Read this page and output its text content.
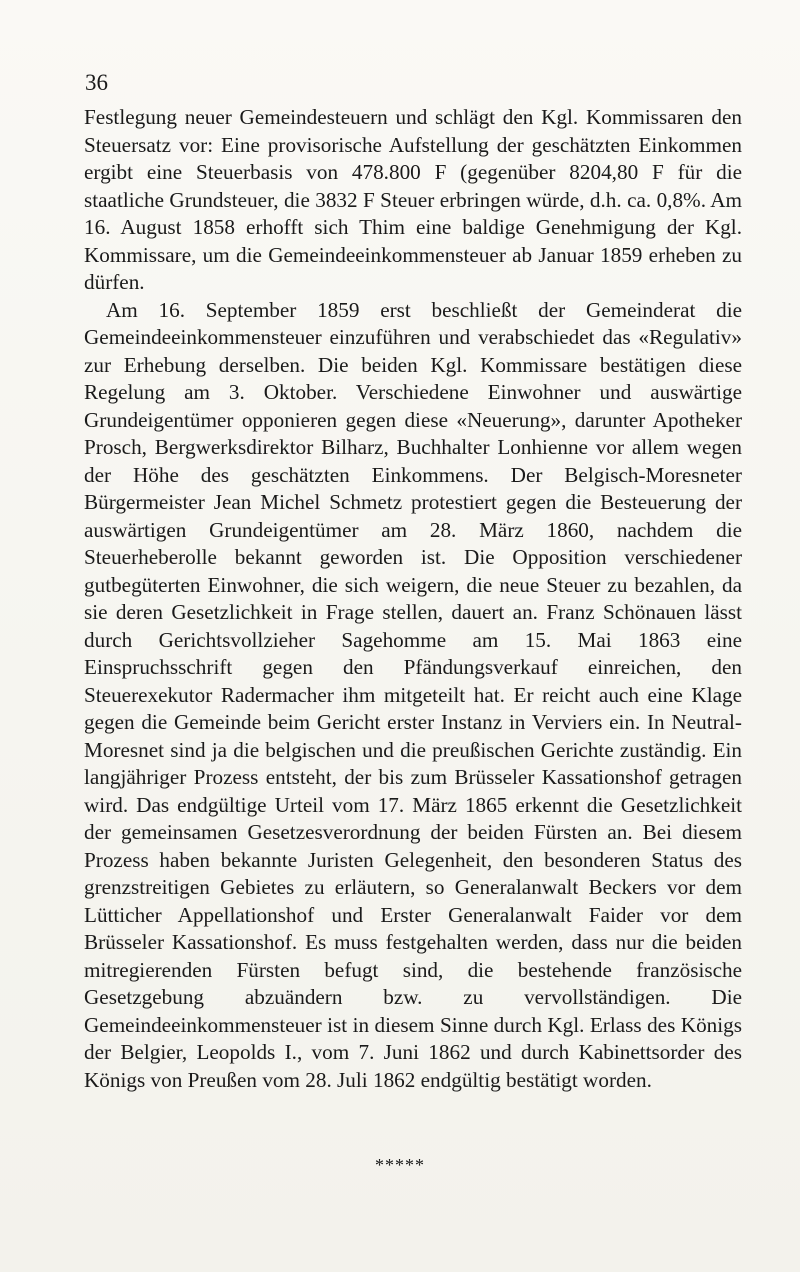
36

Festlegung neuer Gemeindesteuern und schlägt den Kgl. Kommissaren den Steuersatz vor: Eine provisorische Aufstellung der geschätzten Einkommen ergibt eine Steuerbasis von 478.800 F (gegenüber 8204,80 F für die staatliche Grundsteuer, die 3832 F Steuer erbringen würde, d.h. ca. 0,8%. Am 16. August 1858 erhofft sich Thim eine baldige Genehmigung der Kgl. Kommissare, um die Gemeindeeinkommensteuer ab Januar 1859 erheben zu dürfen.

Am 16. September 1859 erst beschließt der Gemeinderat die Gemeindeeinkommensteuer einzuführen und verabschiedet das «Regulativ» zur Erhebung derselben. Die beiden Kgl. Kommissare bestätigen diese Regelung am 3. Oktober. Verschiedene Einwohner und auswärtige Grundeigentümer opponieren gegen diese «Neuerung», darunter Apotheker Prosch, Bergwerksdirektor Bilharz, Buchhalter Lonhienne vor allem wegen der Höhe des geschätzten Einkommens. Der Belgisch-Moresneter Bürgermeister Jean Michel Schmetz protestiert gegen die Besteuerung der auswärtigen Grundeigentümer am 28. März 1860, nachdem die Steuerheberolle bekannt geworden ist. Die Opposition verschiedener gutbegüterten Einwohner, die sich weigern, die neue Steuer zu bezahlen, da sie deren Gesetzlichkeit in Frage stellen, dauert an. Franz Schönauen lässt durch Gerichtsvollzieher Sagehomme am 15. Mai 1863 eine Einspruchsschrift gegen den Pfändungsverkauf einreichen, den Steuerexekutor Radermacher ihm mitgeteilt hat. Er reicht auch eine Klage gegen die Gemeinde beim Gericht erster Instanz in Verviers ein. In Neutral-Moresnet sind ja die belgischen und die preußischen Gerichte zuständig. Ein langjähriger Prozess entsteht, der bis zum Brüsseler Kassationshof getragen wird. Das endgültige Urteil vom 17. März 1865 erkennt die Gesetzlichkeit der gemeinsamen Gesetzesverordnung der beiden Fürsten an. Bei diesem Prozess haben bekannte Juristen Gelegenheit, den besonderen Status des grenzstreitigen Gebietes zu erläutern, so Generalanwalt Beckers vor dem Lütticher Appellationshof und Erster Generalanwalt Faider vor dem Brüsseler Kassationshof. Es muss festgehalten werden, dass nur die beiden mitregierenden Fürsten befugt sind, die bestehende französische Gesetzgebung abzuändern bzw. zu vervollständigen. Die Gemeindeeinkommensteuer ist in diesem Sinne durch Kgl. Erlass des Königs der Belgier, Leopolds I., vom 7. Juni 1862 und durch Kabinettsorder des Königs von Preußen vom 28. Juli 1862 endgültig bestätigt worden.

*****
